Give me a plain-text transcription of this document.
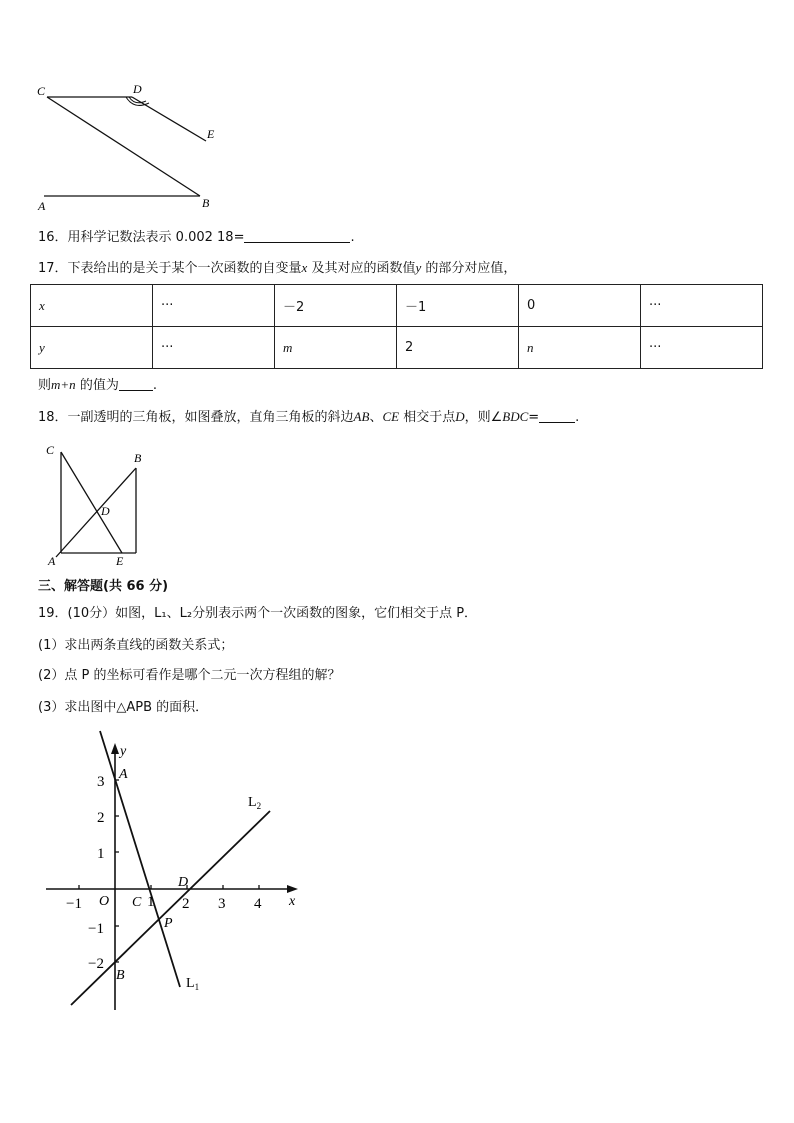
C	D
E
A	B
16．用科学记数法表示 0.002 18=	.
17．下表给出的是关于某个一次函数的自变量x 及其对应的函数值y 的部分对应值，
x	···	－2	－1	0	···
y	···	m	2	n	···
则m+n 的值为	.
18．一副透明的三角板，如图叠放，直角三角板的斜边AB、CE 相交于点D，则∠BDC=	.
C
B
D
A	E
三、解答题(共 66 分)
19．(10分）如图，L₁、L₂分别表示两个一次函数的图象，它们相交于点 P．
(1）求出两条直线的函数关系式；
(2）点 P 的坐标可看作是哪个二元一次方程组的解？
(3）求出图中△APB 的面积．
y
x
O
−1	1 2 3 4
3
2
1
−1
−2
A
B
C
D
P
$L_2$
$L_1$
